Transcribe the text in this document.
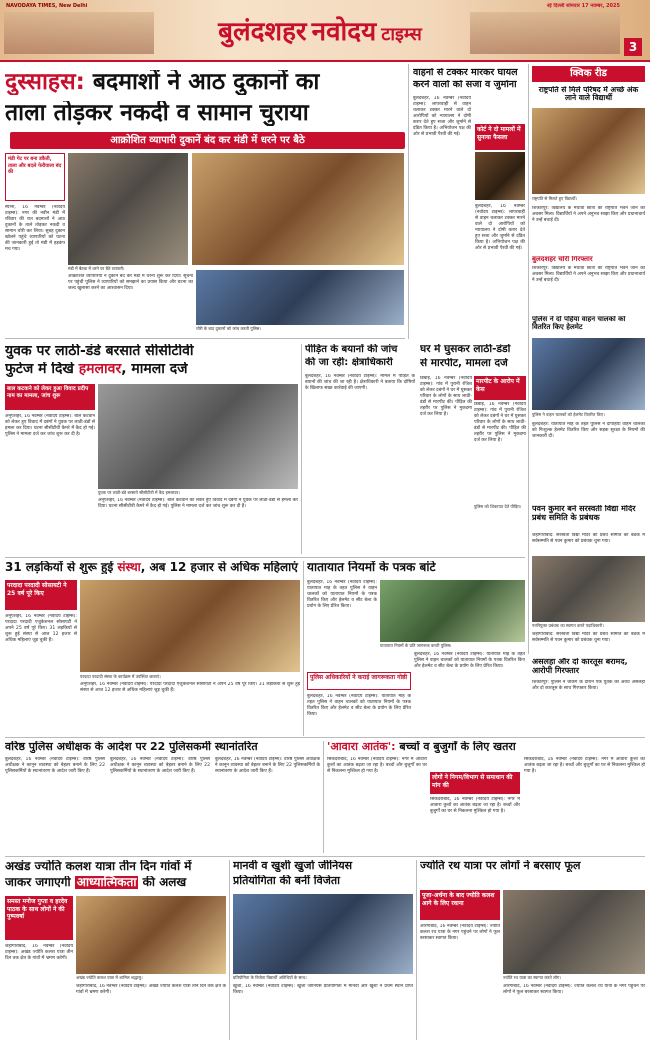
NAVODAYA TIMES, New Delhi	नई दिल्ली सोमवार 17 नवम्बर, 2025
बुलंदशहर नवोदय टाइम्स
3
दुस्साहस: बदमाशों ने आठ दुकानों का
ताला तोड़कर नकदी व सामान चुराया
आक्रोशित व्यापारी दुकानें बंद कर मंडी में धरने पर बैठे
मंडी गेट पर बना डकैती, ताला और बदले फेरीवाला बंद की
स्याना, 16 नवम्बर (नवोदय टाइम्स): नगर की नवीन मंडी में रविवार की रात बदमाशों ने आठ दुकानों के ताले तोड़कर नकदी व सामान चोरी कर लिया। सुबह दुकान खोलने पहुंचे व्यापारियों को घटना की जानकारी हुई तो मंडी में हड़कंप मच गया।
मंडी में बैठक में धरने पर बैठे व्यापारी।
आक्रोशित व्यापारियों ने दुकानें बंद कर मंडी में धरना शुरू कर दिया। सूचना पर पहुंची पुलिस ने व्यापारियों को समझाने का प्रयास किया और घटना का जल्द खुलासा करने का आश्वासन दिया।
चोरी के बाद दुकानों को जांच करती पुलिस।
वाहनों से टक्कर मारकर घायल
करने वालों को सजा व जुर्माना
बुलंदशहर, 16 नवम्बर (नवोदय टाइम्स): लापरवाही से वाहन चलाकर टक्कर मारने वाले दो आरोपियों को न्यायालय ने दोषी करार देते हुए सजा और जुर्माने से दंडित किया है। अभियोजन पक्ष की ओर से प्रभावी पैरवी की गई।
कोर्ट ने दो मामलों में सुनाया फैसला
बुलंदशहर, 16 नवम्बर (नवोदय टाइम्स): लापरवाही से वाहन चलाकर टक्कर मारने वाले दो आरोपियों को न्यायालय ने दोषी करार देते हुए सजा और जुर्माने से दंडित किया है। अभियोजन पक्ष की ओर से प्रभावी पैरवी की गई।
क्विक रीड
राष्ट्रपति से मिले परिषद में अच्छे अंक लाने वाले विद्यार्थी
राष्ट्रपति से मिलते हुए विद्यार्थी।
शिकारपुर: विद्यालय के मेधावी छात्रों को राष्ट्रपति भवन जाने का अवसर मिला। विद्यार्थियों ने अपने अनुभव साझा किए और प्रधानाचार्य ने उन्हें बधाई दी।
बुलंदशहर चोरी गिरफ्तार
शिकारपुर: विद्यालय के मेधावी छात्रों को राष्ट्रपति भवन जाने का अवसर मिला। विद्यार्थियों ने अपने अनुभव साझा किए और प्रधानाचार्य ने उन्हें बधाई दी।
पुलिस ने दो पहिया वाहन चालकों को वितरित किए हेलमेट
पुलिस ने वाहन चालकों को हेलमेट वितरित किए।
बुलंदशहर: यातायात माह के तहत पुलिस ने दोपहिया वाहन चालकों को निःशुल्क हेलमेट वितरित किए और सड़क सुरक्षा के नियमों की जानकारी दी।
पवन कुमार बने सरस्वती विद्या मंदिर प्रबंध समिति के प्रबंधक
जहांगीराबाद: सरस्वती विद्या मंदिर की प्रबंध समिति की बैठक में सर्वसम्मति से पवन कुमार को प्रबंधक चुना गया।
नवनियुक्त प्रबंधक का स्वागत करते पदाधिकारी।
जहांगीराबाद: सरस्वती विद्या मंदिर की प्रबंध समिति की बैठक में सर्वसम्मति से पवन कुमार को प्रबंधक चुना गया।
युवक पर लाठी-डंडे बरसाते सीसीटीवी
फुटेज में दिखे हमलावर, मामला दर्ज
बाल कटवाने को लेकर हुआ विवाद प्रदीप नाम का मामला, जांच शुरू
अनूपशहर, 16 नवम्बर (नवोदय टाइम्स): बाल कटवाने को लेकर हुए विवाद में दबंगों ने युवक पर लाठी-डंडों से हमला कर दिया। घटना सीसीटीवी कैमरे में कैद हो गई। पुलिस ने मामला दर्ज कर जांच शुरू कर दी है।
युवक पर लाठी-डंडे बरसाते सीसीटीवी में कैद हमलावर।
अनूपशहर, 16 नवम्बर (नवोदय टाइम्स): बाल कटवाने को लेकर हुए विवाद में दबंगों ने युवक पर लाठी-डंडों से हमला कर दिया। घटना सीसीटीवी कैमरे में कैद हो गई। पुलिस ने मामला दर्ज कर जांच शुरू कर दी है।
पीड़ित के बयानों की जांच
की जा रही: क्षेत्राधिकारी
बुलंदशहर, 16 नवम्बर (नवोदय टाइम्स): मामले में पीड़ित के बयानों की जांच की जा रही है। क्षेत्राधिकारी ने बताया कि दोषियों के खिलाफ सख्त कार्रवाई की जाएगी।
घर में घुसकर लाठी-डंडों
से मारपीट, मामला दर्ज
डिबाई, 16 नवम्बर (नवोदय टाइम्स): गांव में पुरानी रंजिश को लेकर दबंगों ने घर में घुसकर परिवार के लोगों के साथ लाठी-डंडों से मारपीट की। पीड़ित की तहरीर पर पुलिस ने मुकदमा दर्ज कर लिया है।
मारपीट के आरोप में केस
डिबाई, 16 नवम्बर (नवोदय टाइम्स): गांव में पुरानी रंजिश को लेकर दबंगों ने घर में घुसकर परिवार के लोगों के साथ लाठी-डंडों से मारपीट की। पीड़ित की तहरीर पर पुलिस ने मुकदमा दर्ज कर लिया है।
पुलिस को शिकायत देते पीड़ित।
31 लड़कियों से शुरू हुई संस्था, अब 12 हजार से अधिक महिलाएं
परदादा परदादी सोसायटी ने 25 वर्ष पूरे किए
अनूपशहर, 16 नवम्बर (नवोदय टाइम्स): परदादा परदादी एजुकेशनल सोसायटी ने अपने 25 वर्ष पूरे किए। 31 लड़कियों से शुरू हुई संस्था से आज 12 हजार से अधिक महिलाएं जुड़ चुकी हैं।
परदादा परदादी संस्था के कार्यक्रम में उपस्थित छात्राएं।
अनूपशहर, 16 नवम्बर (नवोदय टाइम्स): परदादा परदादी एजुकेशनल सोसायटी ने अपने 25 वर्ष पूरे किए। 31 लड़कियों से शुरू हुई संस्था से आज 12 हजार से अधिक महिलाएं जुड़ चुकी हैं।
यातायात नियमों के पत्रक बांटे
बुलंदशहर, 16 नवम्बर (नवोदय टाइम्स): यातायात माह के तहत पुलिस ने वाहन चालकों को यातायात नियमों के पत्रक वितरित किए और हेलमेट व सीट बेल्ट के प्रयोग के लिए प्रेरित किया।
यातायात नियमों के प्रति जागरूक करती पुलिस।
पुलिस अधिकारियों ने कराई जागरूकता गोष्ठी
बुलंदशहर, 16 नवम्बर (नवोदय टाइम्स): यातायात माह के तहत पुलिस ने वाहन चालकों को यातायात नियमों के पत्रक वितरित किए और हेलमेट व सीट बेल्ट के प्रयोग के लिए प्रेरित किया।
बुलंदशहर, 16 नवम्बर (नवोदय टाइम्स): यातायात माह के तहत पुलिस ने वाहन चालकों को यातायात नियमों के पत्रक वितरित किए और हेलमेट व सीट बेल्ट के प्रयोग के लिए प्रेरित किया।
असलहा और दो कारतूस बरामद, आरोपी गिरफ्तार
शिकारपुर: पुलिस ने चेकिंग के दौरान एक युवक को अवैध असलहा और दो कारतूस के साथ गिरफ्तार किया।
वरिष्ठ पुलिस अधीक्षक के आदेश पर 22 पुलिसकर्मी स्थानांतरित
बुलंदशहर, 16 नवम्बर (नवोदय टाइम्स): वरिष्ठ पुलिस अधीक्षक ने कानून व्यवस्था को बेहतर बनाने के लिए 22 पुलिसकर्मियों के स्थानांतरण के आदेश जारी किए हैं।
बुलंदशहर, 16 नवम्बर (नवोदय टाइम्स): वरिष्ठ पुलिस अधीक्षक ने कानून व्यवस्था को बेहतर बनाने के लिए 22 पुलिसकर्मियों के स्थानांतरण के आदेश जारी किए हैं।
बुलंदशहर, 16 नवम्बर (नवोदय टाइम्स): वरिष्ठ पुलिस अधीक्षक ने कानून व्यवस्था को बेहतर बनाने के लिए 22 पुलिसकर्मियों के स्थानांतरण के आदेश जारी किए हैं।
'आवारा आतंक': बच्चों व बुजुर्गों के लिए खतरा
सिकंदराबाद, 16 नवम्बर (नवोदय टाइम्स): नगर में आवारा कुत्तों का आतंक बढ़ता जा रहा है। बच्चों और बुजुर्गों का घर से निकलना मुश्किल हो गया है।
लोगों ने निगम/विभाग से समाधान की मांग की
सिकंदराबाद, 16 नवम्बर (नवोदय टाइम्स): नगर में आवारा कुत्तों का आतंक बढ़ता जा रहा है। बच्चों और बुजुर्गों का घर से निकलना मुश्किल हो गया है।
सिकंदराबाद, 16 नवम्बर (नवोदय टाइम्स): नगर में आवारा कुत्तों का आतंक बढ़ता जा रहा है। बच्चों और बुजुर्गों का घर से निकलना मुश्किल हो गया है।
अखंड ज्योति कलश यात्रा तीन दिन गांवों में
जाकर जगाएगी आध्यात्मिकता की अलख
समस्त मनोज गुप्ता व हरदेव पाठक के साथ लोगों ने की पुष्पवर्षा
जहांगीराबाद, 16 नवम्बर (नवोदय टाइम्स): अखंड ज्योति कलश यात्रा तीन दिन तक क्षेत्र के गांवों में भ्रमण करेगी।
अखंड ज्योति कलश यात्रा में शामिल श्रद्धालु।
जहांगीराबाद, 16 नवम्बर (नवोदय टाइम्स): अखंड ज्योति कलश यात्रा तीन दिन तक क्षेत्र के गांवों में भ्रमण करेगी।
मानवी व खुशी खुर्जा जीनियस
प्रतियोगिता की बनीं विजेता
प्रतियोगिता के विजेता विद्यार्थी अतिथियों के साथ।
खुर्जा, 16 नवम्बर (नवोदय टाइम्स): खुर्जा जीनियस प्रतियोगिता में मानवी और खुशी ने प्रथम स्थान प्राप्त किया।
ज्योति रथ यात्रा पर लोगों ने बरसाए फूल
पूजा-अर्चना के बाद ज्योति कलश आगे के लिए रवाना
औरंगाबाद, 16 नवम्बर (नवोदय टाइम्स): ज्योति कलश रथ यात्रा के नगर पहुंचने पर लोगों ने फूल बरसाकर स्वागत किया।
ज्योति रथ यात्रा का स्वागत करते लोग।
औरंगाबाद, 16 नवम्बर (नवोदय टाइम्स): ज्योति कलश रथ यात्रा के नगर पहुंचने पर लोगों ने फूल बरसाकर स्वागत किया।
